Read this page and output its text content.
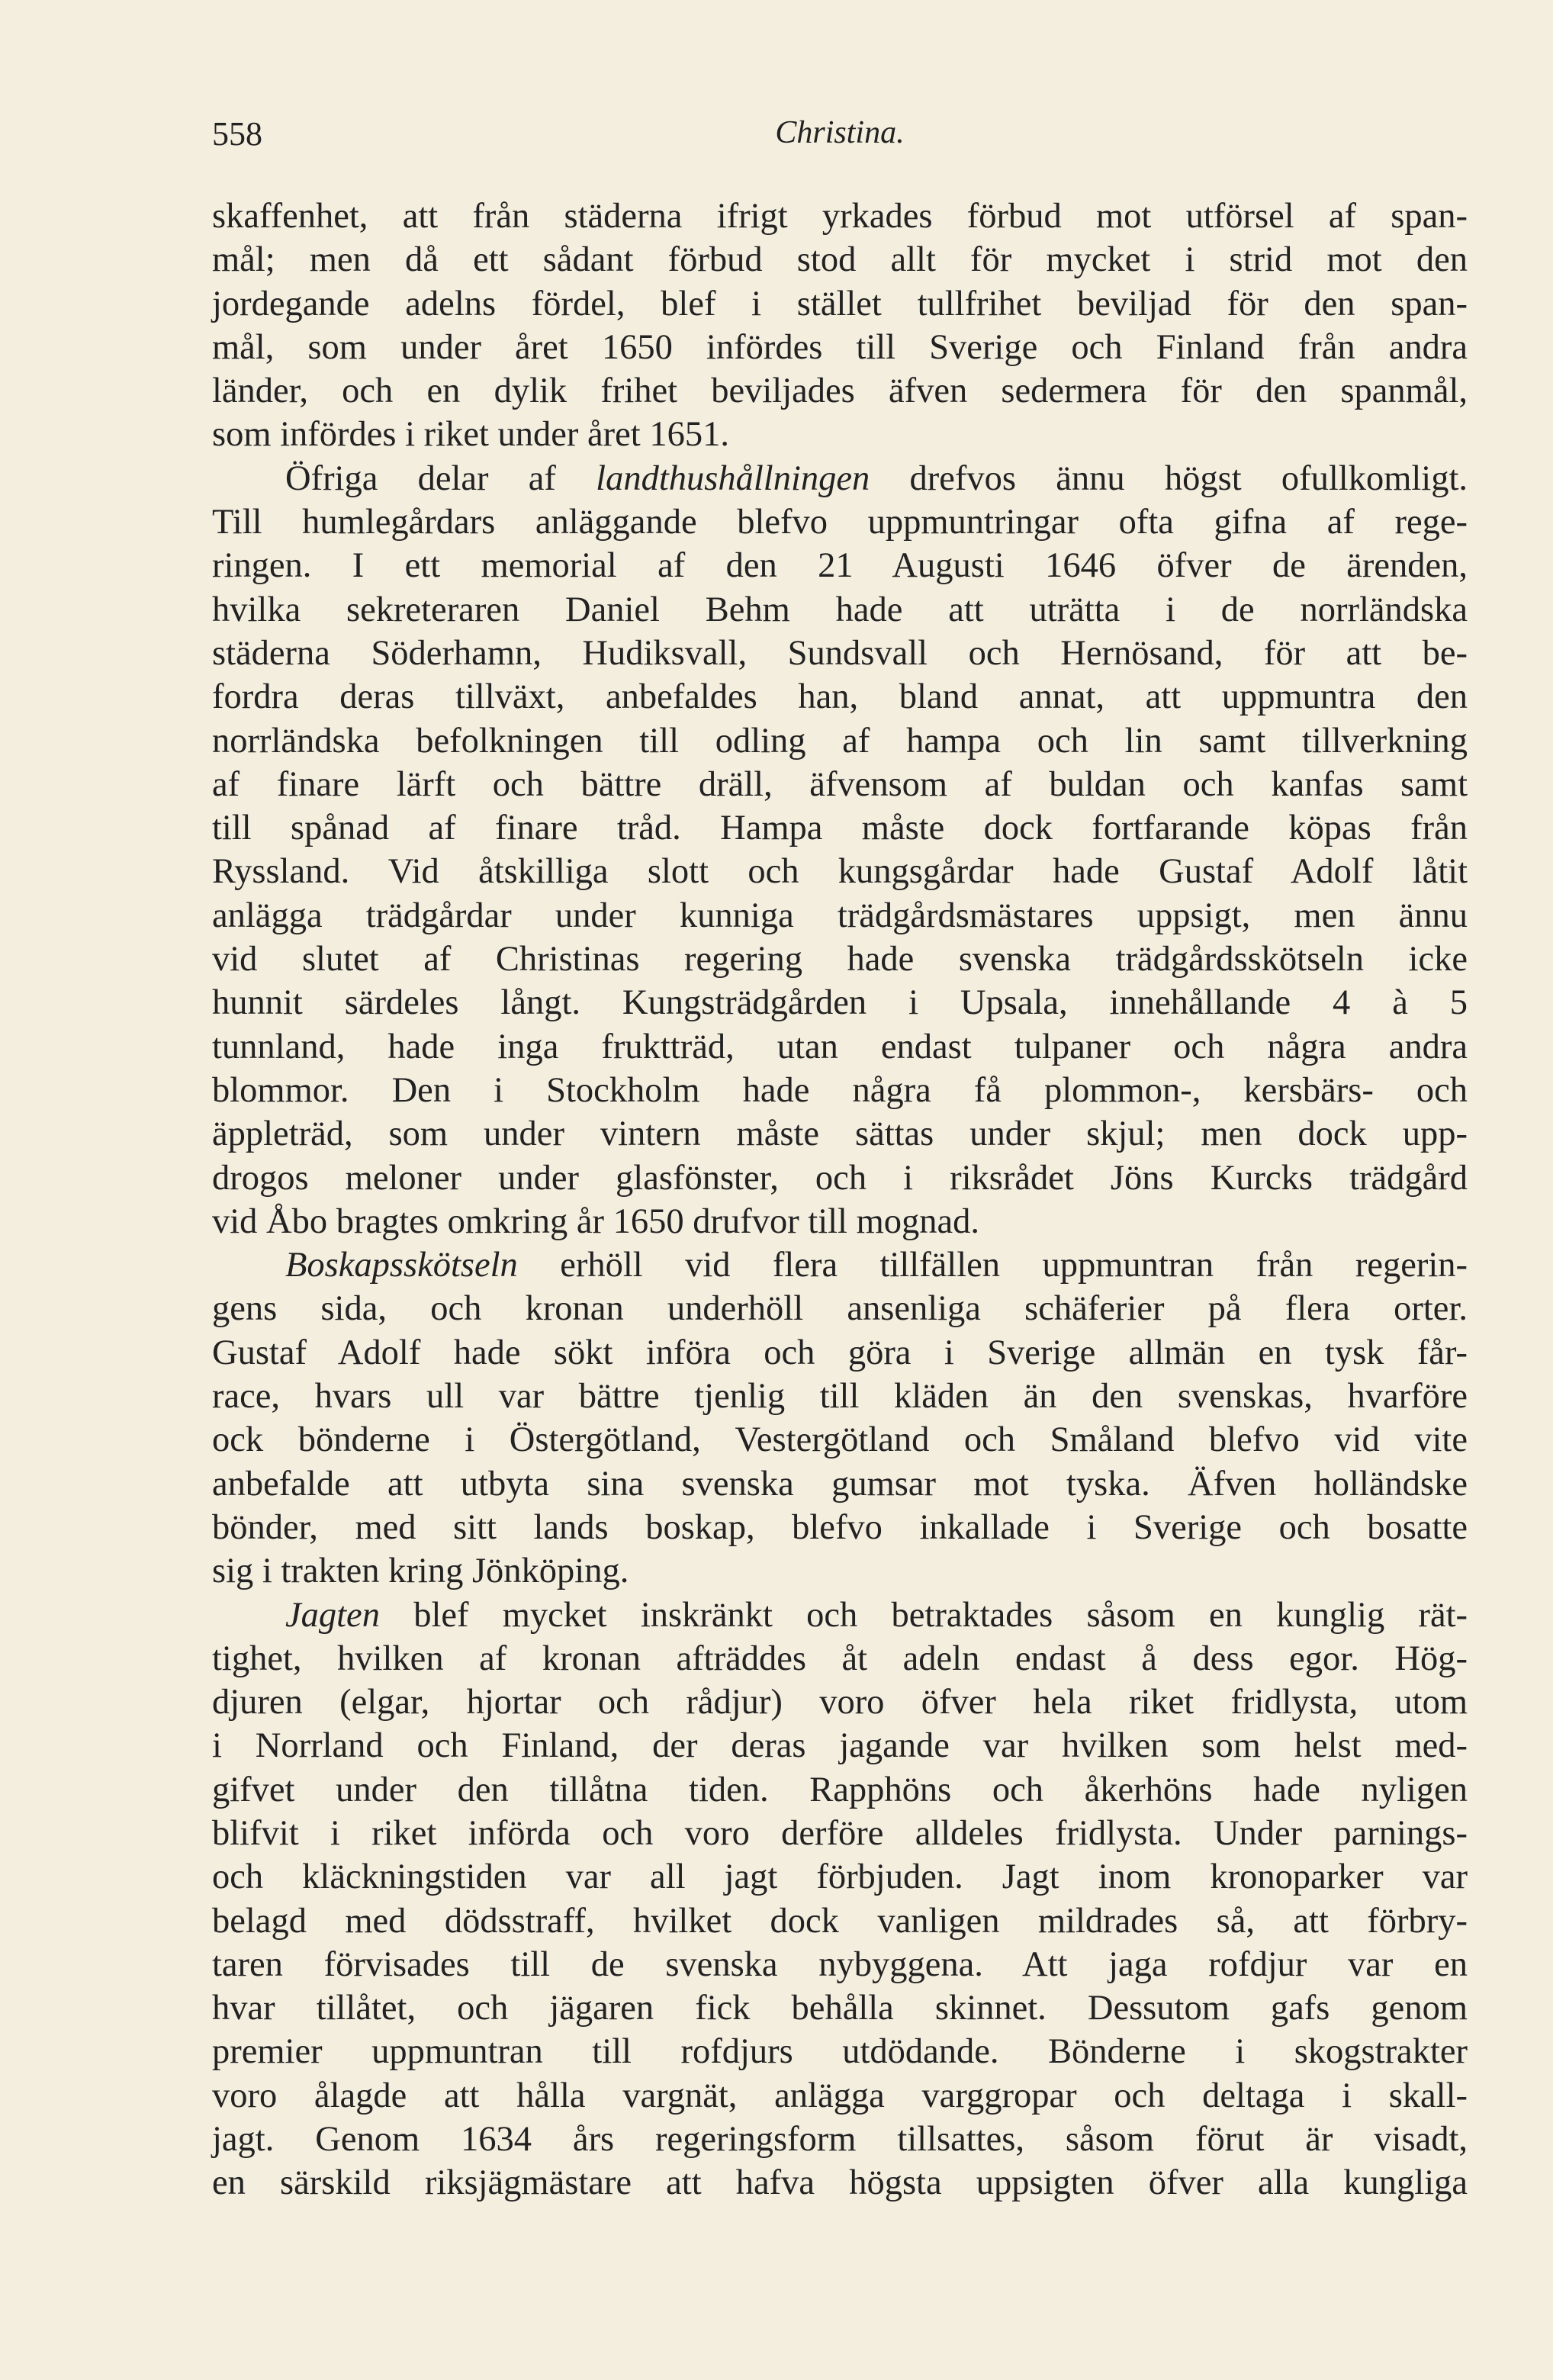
558	Christina.

skaffenhet, att från städerna ifrigt yrkades förbud mot utförsel af span-

mål; men då ett sådant förbud stod allt för mycket i strid mot den

jordegande adelns fördel, blef i stället tullfrihet beviljad för den span-

mål, som under året 1650 infördes till Sverige och Finland från andra

länder, och en dylik frihet beviljades äfven sedermera för den spanmål,

som infördes i riket under året 1651.

Öfriga delar af landthushållningen drefvos ännu högst ofullkomligt.

Till humlegårdars anläggande blefvo uppmuntringar ofta gifna af rege-

ringen. I ett memorial af den 21 Augusti 1646 öfver de ärenden,

hvilka sekreteraren Daniel Behm hade att uträtta i de norrländska

städerna Söderhamn, Hudiksvall, Sundsvall och Hernösand, för att be-

fordra deras tillväxt, anbefaldes han, bland annat, att uppmuntra den

norrländska befolkningen till odling af hampa och lin samt tillverkning

af finare lärft och bättre dräll, äfvensom af buldan och kanfas samt

till spånad af finare tråd. Hampa måste dock fortfarande köpas från

Ryssland. Vid åtskilliga slott och kungsgårdar hade Gustaf Adolf låtit

anlägga trädgårdar under kunniga trädgårdsmästares uppsigt, men ännu

vid slutet af Christinas regering hade svenska trädgårdsskötseln icke

hunnit särdeles långt. Kungsträdgården i Upsala, innehållande 4 à 5

tunnland, hade inga fruktträd, utan endast tulpaner och några andra

blommor. Den i Stockholm hade några få plommon-, kersbärs- och

äppleträd, som under vintern måste sättas under skjul; men dock upp-

drogos meloner under glasfönster, och i riksrådet Jöns Kurcks trädgård

vid Åbo bragtes omkring år 1650 drufvor till mognad.

Boskapsskötseln erhöll vid flera tillfällen uppmuntran från regerin-

gens sida, och kronan underhöll ansenliga schäferier på flera orter.

Gustaf Adolf hade sökt införa och göra i Sverige allmän en tysk får-

race, hvars ull var bättre tjenlig till kläden än den svenskas, hvarföre

ock bönderne i Östergötland, Vestergötland och Småland blefvo vid vite

anbefalde att utbyta sina svenska gumsar mot tyska. Äfven holländske

bönder, med sitt lands boskap, blefvo inkallade i Sverige och bosatte

sig i trakten kring Jönköping.

Jagten blef mycket inskränkt och betraktades såsom en kunglig rät-

tighet, hvilken af kronan afträddes åt adeln endast å dess egor. Hög-

djuren (elgar, hjortar och rådjur) voro öfver hela riket fridlysta, utom

i Norrland och Finland, der deras jagande var hvilken som helst med-

gifvet under den tillåtna tiden. Rapphöns och åkerhöns hade nyligen

blifvit i riket införda och voro derföre alldeles fridlysta. Under parnings-

och kläckningstiden var all jagt förbjuden. Jagt inom kronoparker var

belagd med dödsstraff, hvilket dock vanligen mildrades så, att förbry-

taren förvisades till de svenska nybyggena. Att jaga rofdjur var en

hvar tillåtet, och jägaren fick behålla skinnet. Dessutom gafs genom

premier uppmuntran till rofdjurs utdödande. Bönderne i skogstrakter

voro ålagde att hålla vargnät, anlägga varggropar och deltaga i skall-

jagt. Genom 1634 års regeringsform tillsattes, såsom förut är visadt,

en särskild riksjägmästare att hafva högsta uppsigten öfver alla kungliga
